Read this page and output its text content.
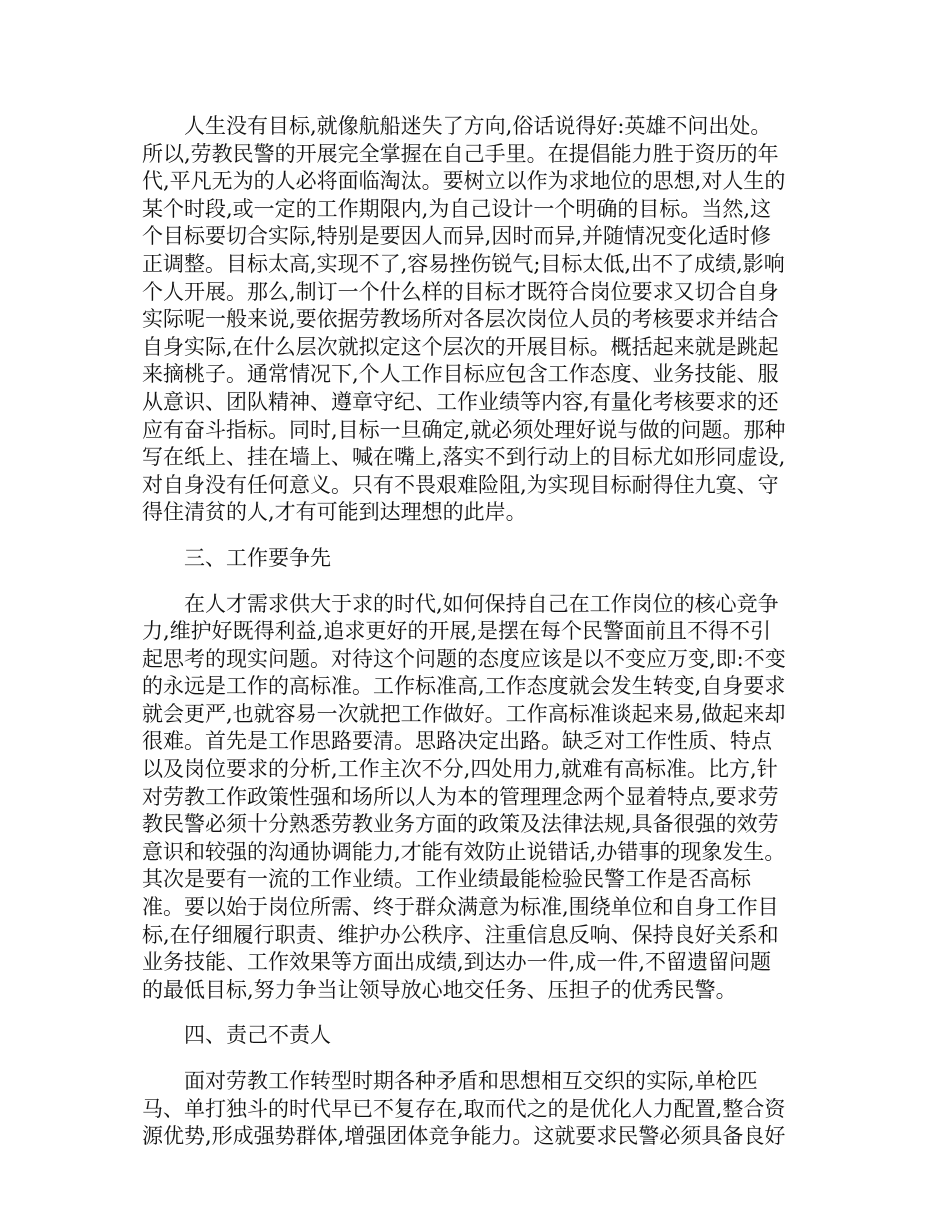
人生没有目标,就像航船迷失了方向,俗话说得好:英雄不问出处。
所以,劳教民警的开展完全掌握在自己手里。在提倡能力胜于资历的年
代,平凡无为的人必将面临淘汰。要树立以作为求地位的思想,对人生的
某个时段,或一定的工作期限内,为自己设计一个明确的目标。当然,这
个目标要切合实际,特别是要因人而异,因时而异,并随情况变化适时修
正调整。目标太高,实现不了,容易挫伤锐气;目标太低,出不了成绩,影响
个人开展。那么,制订一个什么样的目标才既符合岗位要求又切合自身
实际呢一般来说,要依据劳教场所对各层次岗位人员的考核要求并结合
自身实际,在什么层次就拟定这个层次的开展目标。概括起来就是跳起
来摘桃子。通常情况下,个人工作目标应包含工作态度、业务技能、服
从意识、团队精神、遵章守纪、工作业绩等内容,有量化考核要求的还
应有奋斗指标。同时,目标一旦确定,就必须处理好说与做的问题。那种
写在纸上、挂在墙上、喊在嘴上,落实不到行动上的目标尤如形同虚设,
对自身没有任何意义。只有不畏艰难险阻,为实现目标耐得住九寞、守
得住清贫的人,才有可能到达理想的此岸。

三、工作要争先

在人才需求供大于求的时代,如何保持自己在工作岗位的核心竞争
力,维护好既得利益,追求更好的开展,是摆在每个民警面前且不得不引
起思考的现实问题。对待这个问题的态度应该是以不变应万变,即:不变
的永远是工作的高标准。工作标准高,工作态度就会发生转变,自身要求
就会更严,也就容易一次就把工作做好。工作高标准谈起来易,做起来却
很难。首先是工作思路要清。思路决定出路。缺乏对工作性质、特点
以及岗位要求的分析,工作主次不分,四处用力,就难有高标准。比方,针
对劳教工作政策性强和场所以人为本的管理理念两个显着特点,要求劳
教民警必须十分熟悉劳教业务方面的政策及法律法规,具备很强的效劳
意识和较强的沟通协调能力,才能有效防止说错话,办错事的现象发生。
其次是要有一流的工作业绩。工作业绩最能检验民警工作是否高标
准。要以始于岗位所需、终于群众满意为标准,围绕单位和自身工作目
标,在仔细履行职责、维护办公秩序、注重信息反响、保持良好关系和
业务技能、工作效果等方面出成绩,到达办一件,成一件,不留遗留问题
的最低目标,努力争当让领导放心地交任务、压担子的优秀民警。

四、责己不责人

面对劳教工作转型时期各种矛盾和思想相互交织的实际,单枪匹
马、单打独斗的时代早已不复存在,取而代之的是优化人力配置,整合资
源优势,形成强势群体,增强团体竞争能力。这就要求民警必须具备良好
